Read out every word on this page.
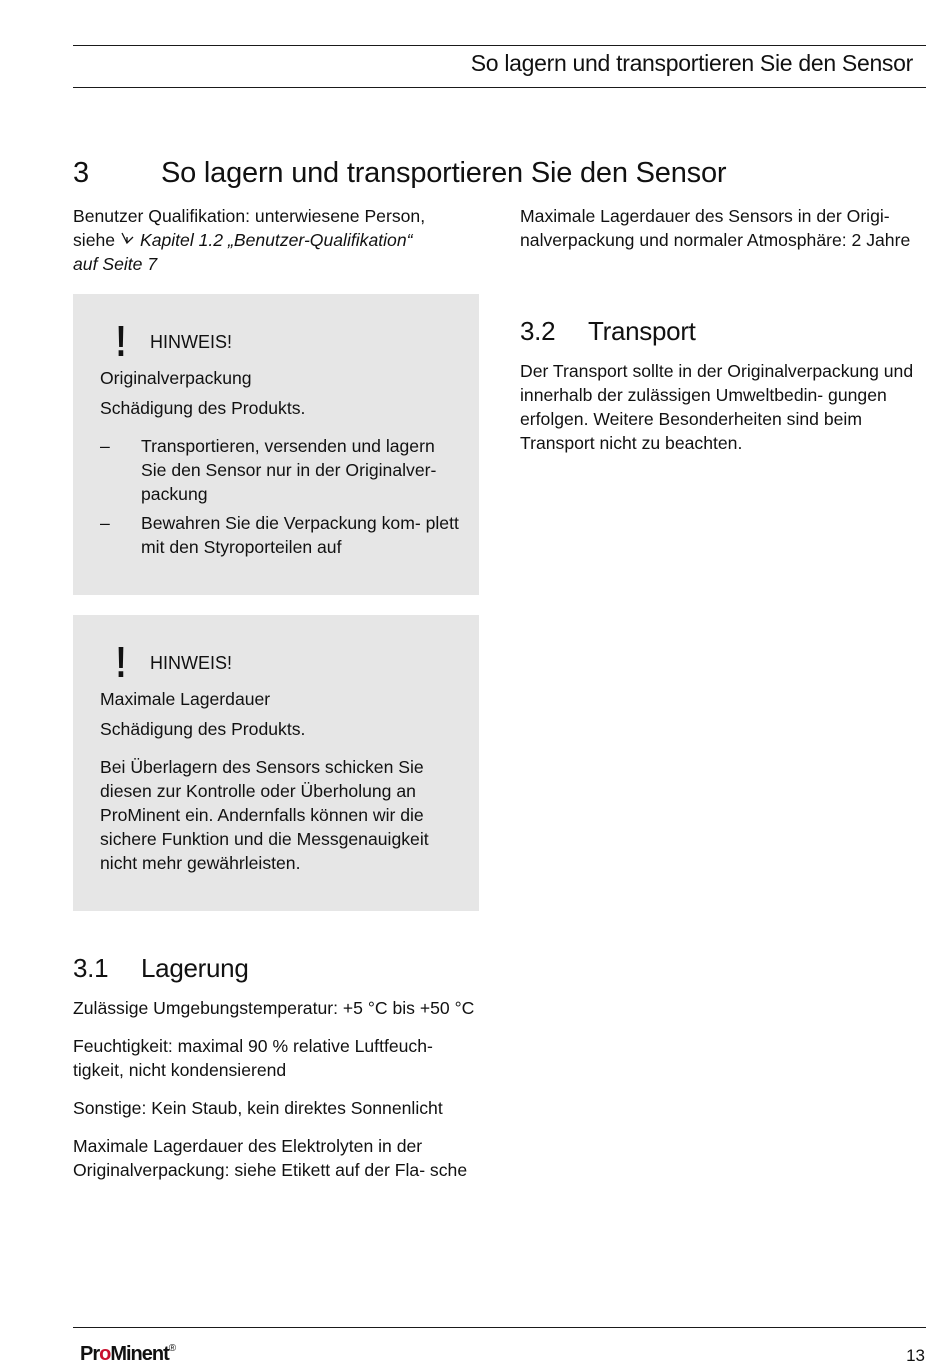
So lagern und transportieren Sie den Sensor
3 So lagern und transportieren Sie den Sensor

Benutzer Qualifikation: unterwiesene Person,
siehe Kapitel 1.2 „Benutzer-Qualifikation“
auf Seite 7

!	HINWEIS!
Originalverpackung
Schädigung des Produkts.
– Transportieren, versenden und lagern Sie den Sensor nur in der Originalver- packung
– Bewahren Sie die Verpackung kom- plett mit den Styroporteilen auf
!	HINWEIS!
Maximale Lagerdauer
Schädigung des Produkts.
Bei Überlagern des Sensors schicken Sie diesen zur Kontrolle oder Überholung an ProMinent ein. Andernfalls können wir die sichere Funktion und die Messgenauigkeit nicht mehr gewährleisten.
3.1 Lagerung

Zulässige Umgebungstemperatur: +5 °C bis +50 °C

Feuchtigkeit: maximal 90 % relative Luftfeuch- tigkeit, nicht kondensierend

Sonstige: Kein Staub, kein direktes Sonnenlicht

Maximale Lagerdauer des Elektrolyten in der Originalverpackung: siehe Etikett auf der Fla- sche

Maximale Lagerdauer des Sensors in der Origi- nalverpackung und normaler Atmosphäre: 2 Jahre

3.2 Transport

Der Transport sollte in der Originalverpackung und innerhalb der zulässigen Umweltbedin- gungen erfolgen. Weitere Besonderheiten sind beim Transport nicht zu beachten.

ProMinent®	13
